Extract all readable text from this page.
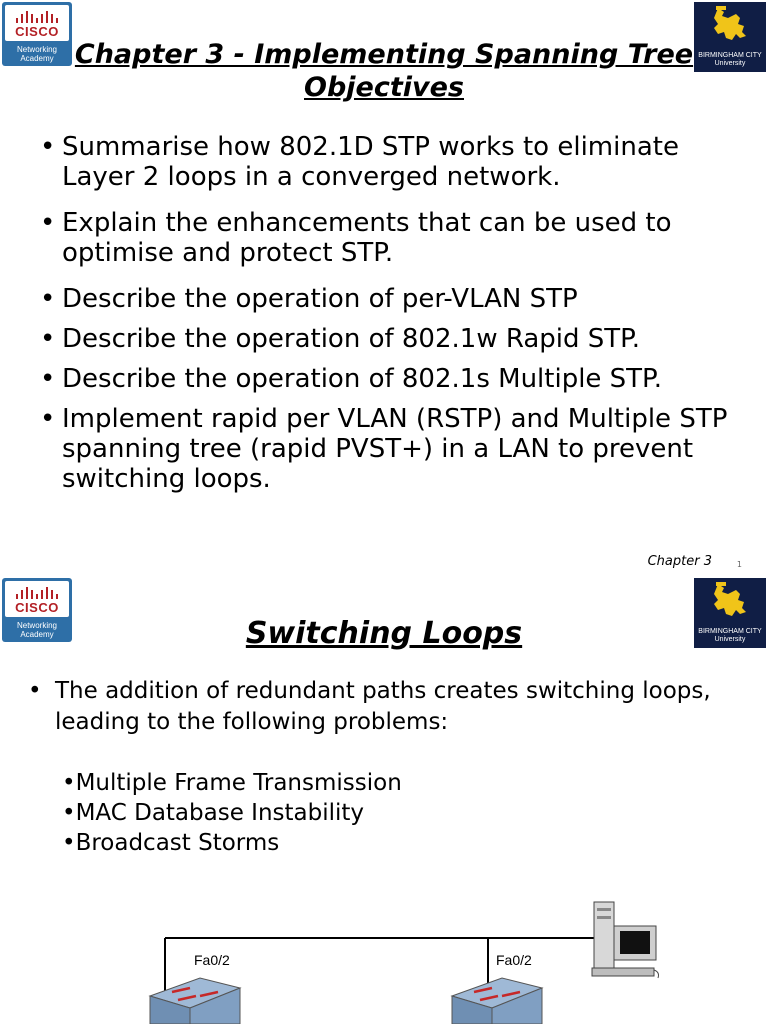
CISCO
Networking Academy	BIRMINGHAM CITY University
Chapter 3 - Implementing Spanning Tree
Objectives
• Summarise how 802.1D STP works to eliminate Layer 2 loops in a converged network.
• Explain the enhancements that can be used to optimise and protect STP.
• Describe the operation of per-VLAN STP
• Describe the operation of 802.1w Rapid STP.
• Describe the operation of 802.1s Multiple STP.
• Implement rapid per VLAN (RSTP) and Multiple STP spanning tree (rapid PVST+) in a LAN to prevent switching loops.
Chapter 3	1
CISCO
Networking Academy	BIRMINGHAM CITY University
Switching Loops
• The addition of redundant paths creates switching loops, leading to the following problems:
•Multiple Frame Transmission
•MAC Database Instability
•Broadcast Storms
Fa0/2	Fa0/2
